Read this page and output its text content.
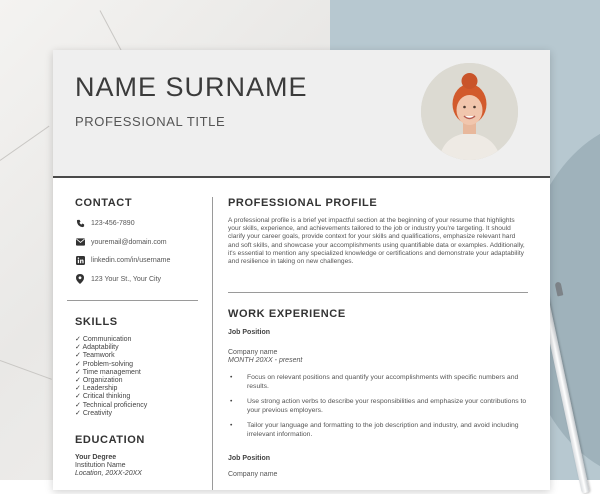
NAME SURNAME
PROFESSIONAL TITLE
CONTACT
123-456-7890
youremail@domain.com
linkedin.com/in/username
123 Your St., Your City
SKILLS
✓ Communication
✓ Adaptability
✓ Teamwork
✓ Problem-solving
✓ Time management
✓ Organization
✓ Leadership
✓ Critical thinking
✓ Technical proficiency
✓ Creativity
EDUCATION
Your Degree
Institution Name
Location, 20XX-20XX
PROFESSIONAL PROFILE
A professional profile is a brief yet impactful section at the beginning of your resume that highlights your skills, experience, and achievements tailored to the job or industry you're targeting. It should clarify your career goals, provide context for your skills and qualifications, emphasize relevant hard and soft skills, and showcase your accomplishments using quantifiable data or examples. Additionally, it's essential to mention any specialized knowledge or certifications and demonstrate your adaptability and resilience in taking on new challenges.
WORK EXPERIENCE
Job Position
Company name
MONTH 20XX - present
• Focus on relevant positions and quantify your accomplishments with specific numbers and results.
• Use strong action verbs to describe your responsibilities and emphasize your contributions to your previous employers.
• Tailor your language and formatting to the job description and industry, and avoid including irrelevant information.
Job Position
Company name
